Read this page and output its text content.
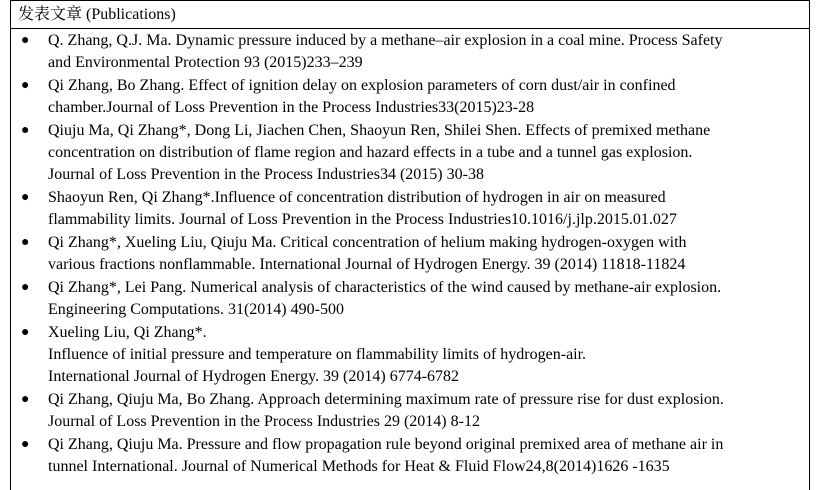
发表文章 (Publications)
● Q. Zhang, Q.J. Ma. Dynamic pressure induced by a methane–air explosion in a coal mine. Process Safety
and Environmental Protection 93 (2015)233–239
● Qi Zhang, Bo Zhang. Effect of ignition delay on explosion parameters of corn dust/air in confined
chamber.Journal of Loss Prevention in the Process Industries33(2015)23-28
● Qiuju Ma, Qi Zhang*, Dong Li, Jiachen Chen, Shaoyun Ren, Shilei Shen. Effects of premixed methane
concentration on distribution of flame region and hazard effects in a tube and a tunnel gas explosion.
Journal of Loss Prevention in the Process Industries34 (2015) 30-38
● Shaoyun Ren, Qi Zhang*.Influence of concentration distribution of hydrogen in air on measured
flammability limits. Journal of Loss Prevention in the Process Industries10.1016/j.jlp.2015.01.027
● Qi Zhang*, Xueling Liu, Qiuju Ma. Critical concentration of helium making hydrogen-oxygen with
various fractions nonflammable. International Journal of Hydrogen Energy. 39 (2014) 11818-11824
● Qi Zhang*, Lei Pang. Numerical analysis of characteristics of the wind caused by methane-air explosion.
Engineering Computations. 31(2014) 490-500
● Xueling Liu, Qi Zhang*.
Influence of initial pressure and temperature on flammability limits of hydrogen-air.
International Journal of Hydrogen Energy. 39 (2014) 6774-6782
● Qi Zhang, Qiuju Ma, Bo Zhang. Approach determining maximum rate of pressure rise for dust explosion.
Journal of Loss Prevention in the Process Industries 29 (2014) 8-12
● Qi Zhang, Qiuju Ma. Pressure and flow propagation rule beyond original premixed area of methane air in
tunnel International. Journal of Numerical Methods for Heat & Fluid Flow24,8(2014)1626 -1635
